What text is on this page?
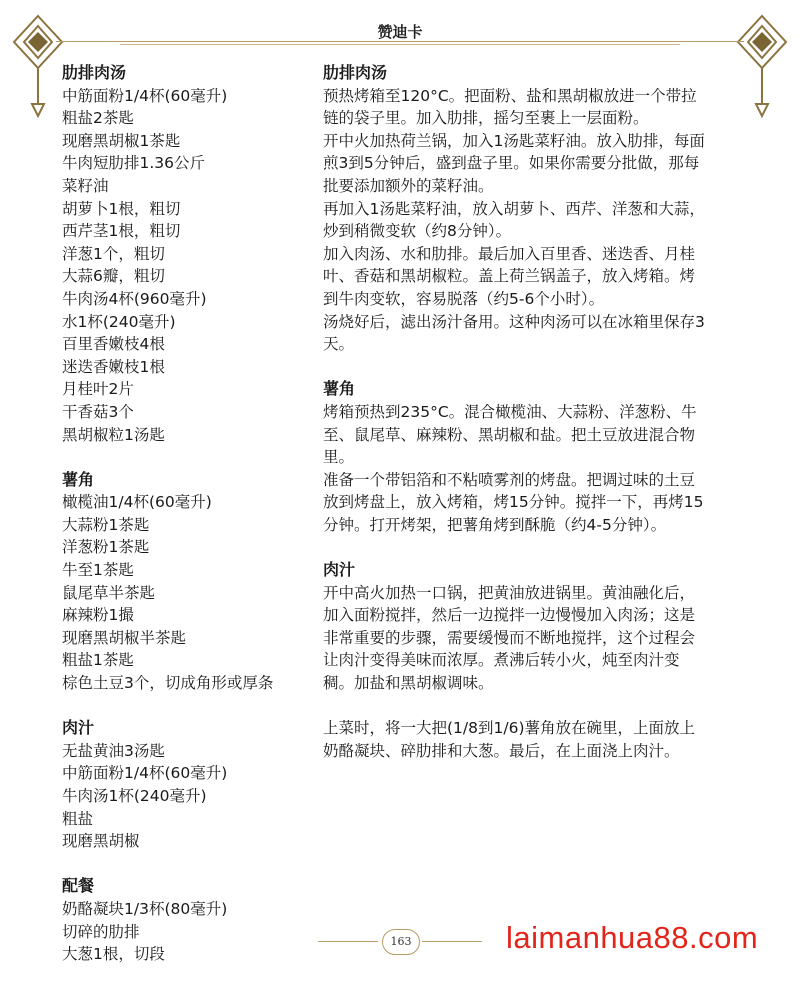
赞迪卡
肋排肉汤
中筋面粉1/4杯(60毫升)
粗盐2茶匙
现磨黑胡椒1茶匙
牛肉短肋排1.36公斤
菜籽油
胡萝卜1根，粗切
西芹茎1根，粗切
洋葱1个，粗切
大蒜6瓣，粗切
牛肉汤4杯(960毫升)
水1杯(240毫升)
百里香嫩枝4根
迷迭香嫩枝1根
月桂叶2片
干香菇3个
黑胡椒粒1汤匙
薯角
橄榄油1/4杯(60毫升)
大蒜粉1茶匙
洋葱粉1茶匙
牛至1茶匙
鼠尾草半茶匙
麻辣粉1撮
现磨黑胡椒半茶匙
粗盐1茶匙
棕色土豆3个，切成角形或厚条
肉汁
无盐黄油3汤匙
中筋面粉1/4杯(60毫升)
牛肉汤1杯(240毫升)
粗盐
现磨黑胡椒
配餐
奶酪凝块1/3杯(80毫升)
切碎的肋排
大葱1根，切段
肋排肉汤
预热烤箱至120°C。把面粉、盐和黑胡椒放进一个带拉
链的袋子里。加入肋排，摇匀至裹上一层面粉。
开中火加热荷兰锅，加入1汤匙菜籽油。放入肋排，每面
煎3到5分钟后，盛到盘子里。如果你需要分批做，那每
批要添加额外的菜籽油。
再加入1汤匙菜籽油，放入胡萝卜、西芹、洋葱和大蒜，
炒到稍微变软（约8分钟）。
加入肉汤、水和肋排。最后加入百里香、迷迭香、月桂
叶、香菇和黑胡椒粒。盖上荷兰锅盖子，放入烤箱。烤
到牛肉变软，容易脱落（约5-6个小时）。
汤烧好后，滤出汤汁备用。这种肉汤可以在冰箱里保存3
天。
薯角
烤箱预热到235°C。混合橄榄油、大蒜粉、洋葱粉、牛
至、鼠尾草、麻辣粉、黑胡椒和盐。把土豆放进混合物
里。
准备一个带铝箔和不粘喷雾剂的烤盘。把调过味的土豆
放到烤盘上，放入烤箱，烤15分钟。搅拌一下，再烤15
分钟。打开烤架，把薯角烤到酥脆（约4-5分钟）。
肉汁
开中高火加热一口锅，把黄油放进锅里。黄油融化后，
加入面粉搅拌，然后一边搅拌一边慢慢加入肉汤；这是
非常重要的步骤，需要缓慢而不断地搅拌，这个过程会
让肉汁变得美味而浓厚。煮沸后转小火，炖至肉汁变
稠。加盐和黑胡椒调味。
上菜时，将一大把(1/8到1/6)薯角放在碗里，上面放上
奶酪凝块、碎肋排和大葱。最后，在上面浇上肉汁。
163	laimanhua88.com
